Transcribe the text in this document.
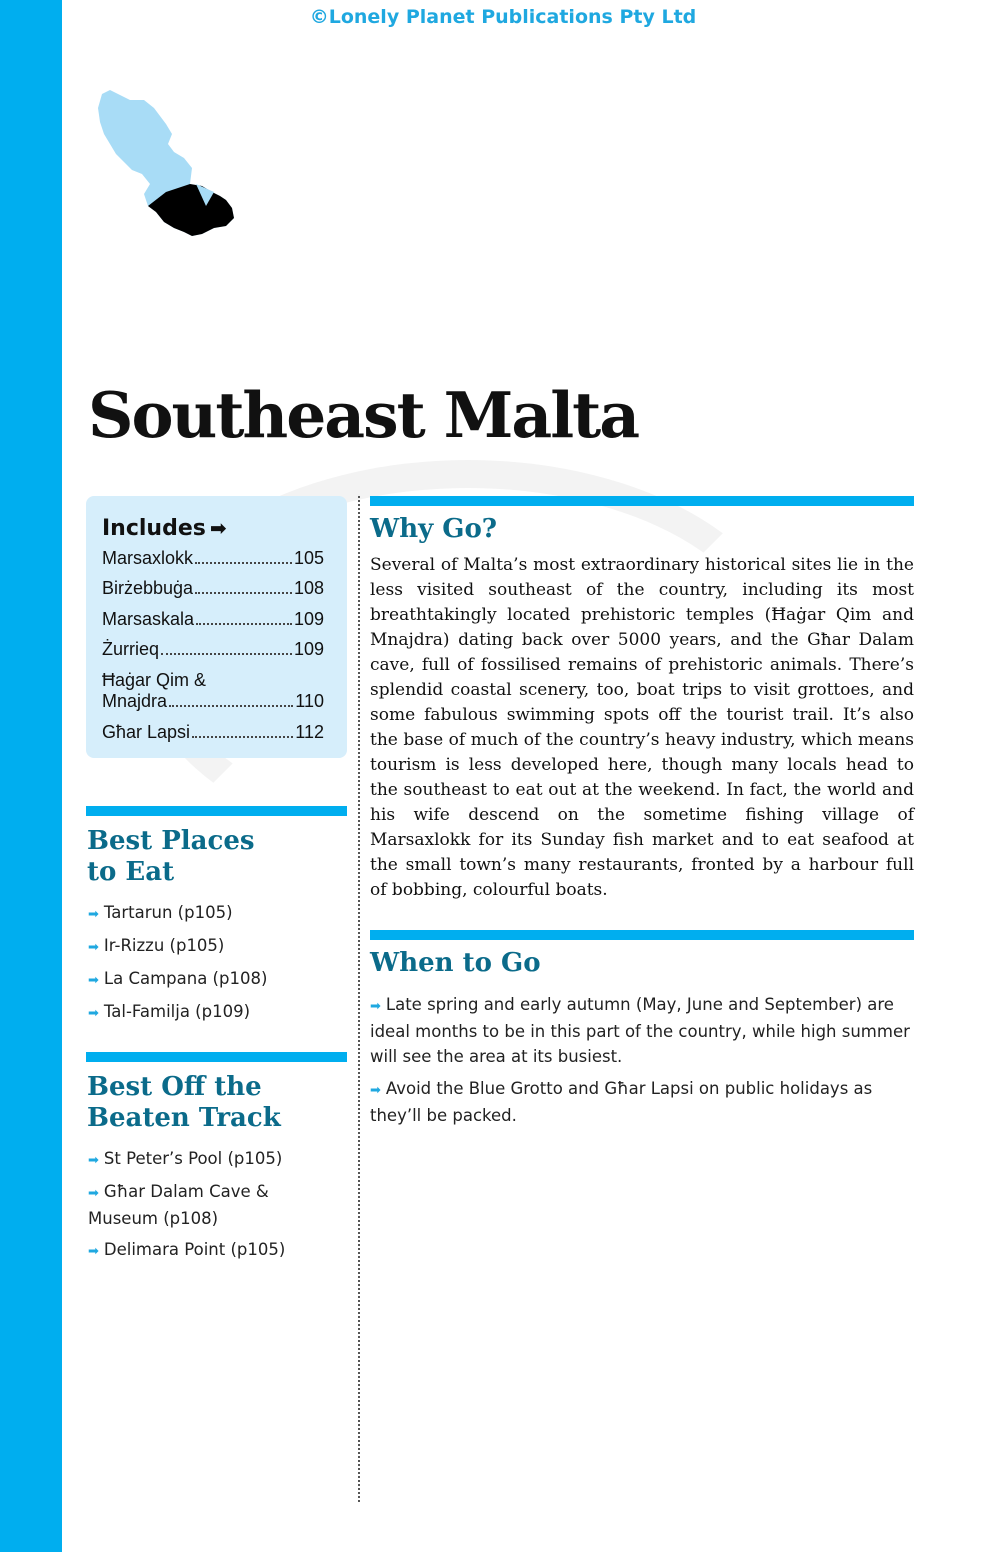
©Lonely Planet Publications Pty Ltd
Southeast Malta
Includes ➡
Marsaxlokk	105
Birżebbuġa	108
Marsaskala	109
Żurrieq	109
Ħaġar Qim &
Mnajdra	110
Għar Lapsi	112
Best Places
to Eat
➡ Tartarun (p105)
➡ Ir-Rizzu (p105)
➡ La Campana (p108)
➡ Tal-Familja (p109)
Best Off the
Beaten Track
➡ St Peter’s Pool (p105)
➡ Għar Dalam Cave & Museum (p108)
➡ Delimara Point (p105)
Why Go?
Several of Malta’s most extraordinary historical sites lie in the less visited southeast of the country, including its most breathtakingly located prehistoric temples (Ħaġar Qim and Mnajdra) dating back over 5000 years, and the Għar Dalam cave, full of fossilised remains of prehistoric animals. There’s splendid coastal scenery, too, boat trips to visit grottoes, and some fabulous swimming spots off the tourist trail. It’s also the base of much of the country’s heavy industry, which means tourism is less developed here, though many locals head to the southeast to eat out at the weekend. In fact, the world and his wife descend on the sometime fishing village of Marsaxlokk for its Sunday fish market and to eat seafood at the small town’s many restaurants, fronted by a harbour full of bobbing, colourful boats.
When to Go
➡ Late spring and early autumn (May, June and September) are ideal months to be in this part of the country, while high summer will see the area at its busiest.
➡ Avoid the Blue Grotto and Għar Lapsi on public holidays as they’ll be packed.
